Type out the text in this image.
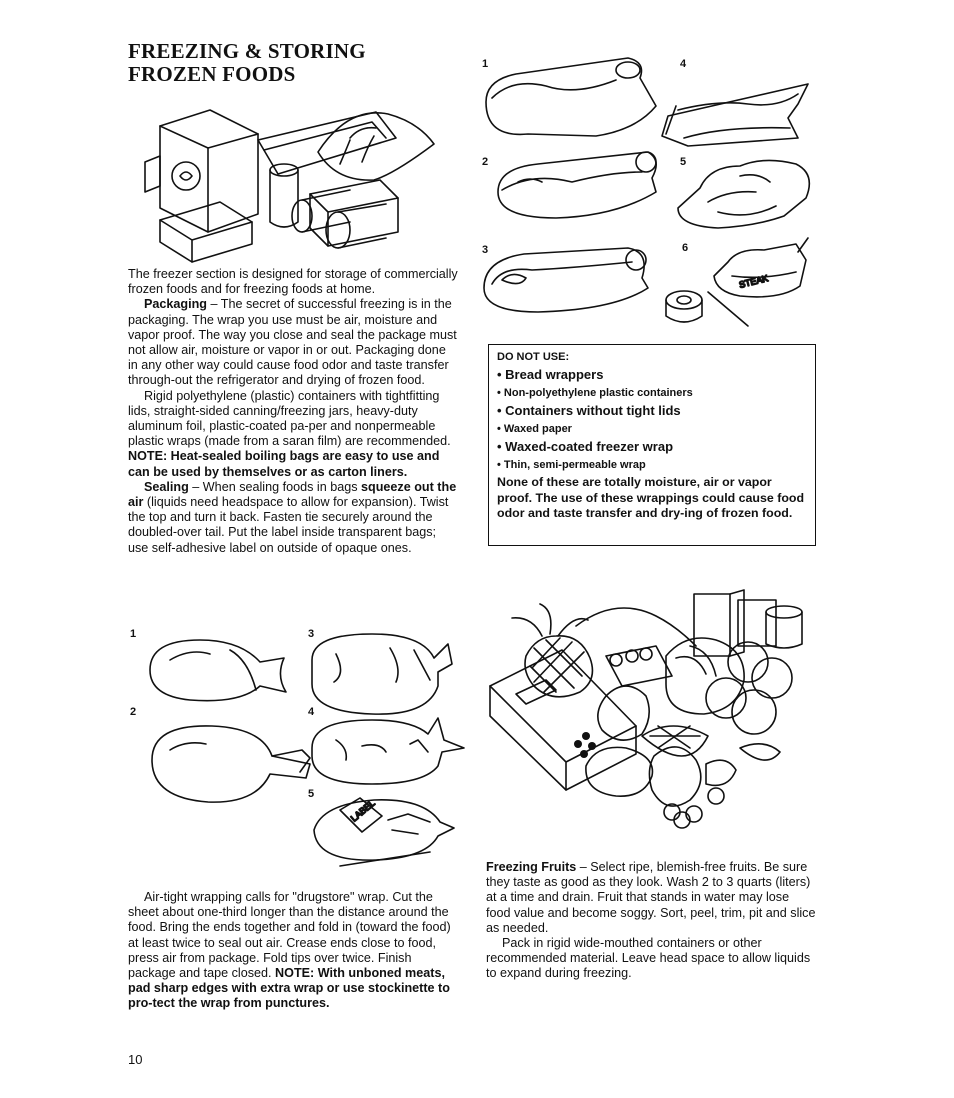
FREEZING & STORING
FROZEN FOODS

The freezer section is designed for storage of commercially frozen foods and for freezing foods at home.

Packaging – The secret of successful freezing is in the packaging. The wrap you use must be air, moisture and vapor proof. The way you close and seal the package must not allow air, moisture or vapor in or out. Packaging done in any other way could cause food odor and taste transfer through-out the refrigerator and drying of frozen food.

Rigid polyethylene (plastic) containers with tightfitting lids, straight-sided canning/freezing jars, heavy-duty aluminum foil, plastic-coated pa-per and nonpermeable plastic wraps (made from a saran film) are recommended. NOTE: Heat-sealed boiling bags are easy to use and can be used by themselves or as carton liners.

Sealing – When sealing foods in bags squeeze out the air (liquids need headspace to allow for expansion). Twist the top and turn it back. Fasten tie securely around the doubled-over tail. Put the label inside transparent bags; use self-adhesive label on outside of opaque ones.

1
2
3
4
5
LABEL

Air-tight wrapping calls for "drugstore" wrap. Cut the sheet about one-third longer than the distance around the food. Bring the ends together and fold in (toward the food) at least twice to seal out air. Crease ends close to food, press air from package. Fold tips over twice. Finish package and tape closed. NOTE: With unboned meats, pad sharp edges with extra wrap or use stockinette to pro-tect the wrap from punctures.

1
2
3
4
5
6
STEAK

DO NOT USE:

• Bread wrappers
• Non-polyethylene plastic containers
• Containers without tight lids
• Waxed paper
• Waxed-coated freezer wrap
• Thin, semi-permeable wrap

None of these are totally moisture, air or vapor proof. The use of these wrappings could cause food odor and taste transfer and dry-ing of frozen food.

Freezing Fruits – Select ripe, blemish-free fruits. Be sure they taste as good as they look. Wash 2 to 3 quarts (liters) at a time and drain. Fruit that stands in water may lose food value and become soggy. Sort, peel, trim, pit and slice as needed.

Pack in rigid wide-mouthed containers or other recommended material. Leave head space to allow liquids to expand during freezing.

10
